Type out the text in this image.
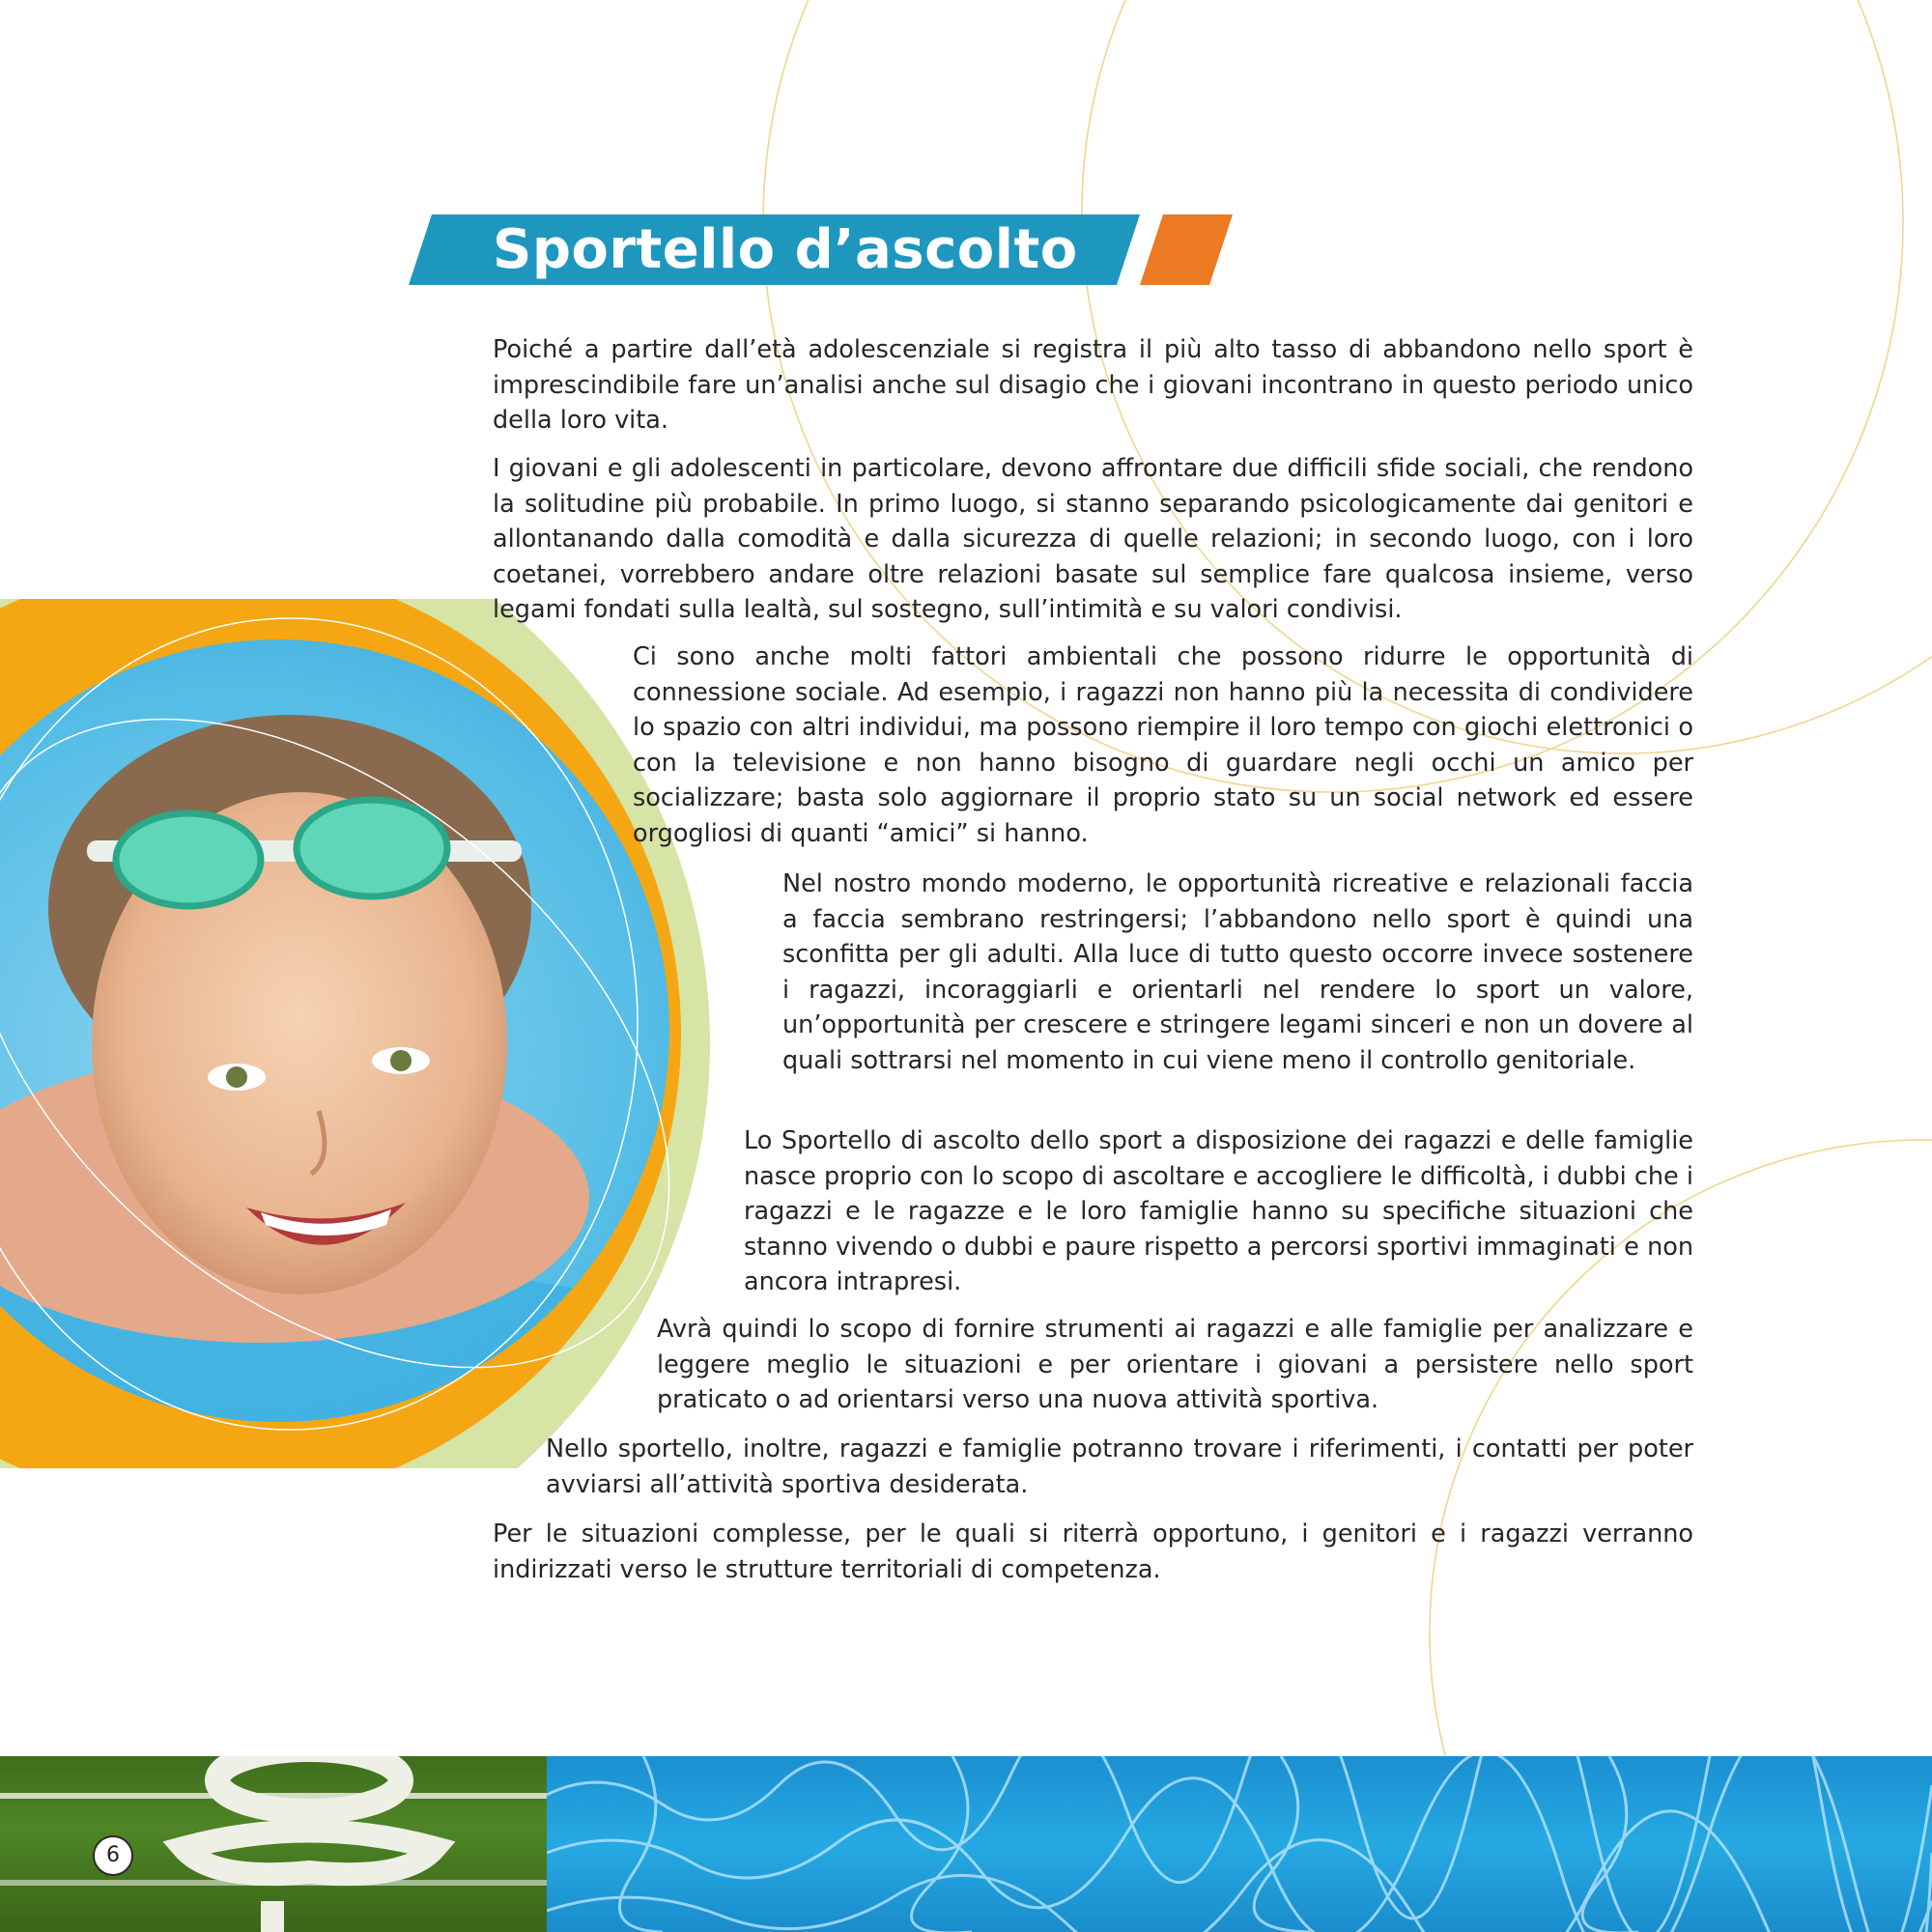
Sportello d’ascolto

Poiché a partire dall’età adolescenziale si registra il più alto tasso di abbandono nello sport è imprescindibile fare un’analisi anche sul disagio che i giovani incontrano in questo periodo unico della loro vita.

I giovani e gli adolescenti in particolare, devono affrontare due difficili sfide sociali, che rendono la solitudine più probabile. In primo luogo, si stanno separando psicologicamente dai genitori e allontanando dalla comodità e dalla sicurezza di quelle relazioni; in secondo luogo, con i loro coetanei, vorrebbero andare oltre relazioni basate sul semplice fare qualcosa insieme, verso legami fondati sulla lealtà, sul sostegno, sull’intimità e su valori condivisi.

Ci sono anche molti fattori ambientali che possono ridurre le opportunità di connessione sociale. Ad esempio, i ragazzi non hanno più la necessita di condividere lo spazio con altri individui, ma possono riempire il loro tempo con giochi elettronici o con la televisione e non hanno bisogno di guardare negli occhi un amico per socializzare; basta solo aggiornare il proprio stato su un social network ed essere orgogliosi di quanti “amici” si hanno.

Nel nostro mondo moderno, le opportunità ricreative e relazionali faccia a faccia sembrano restringersi; l’abbandono nello sport è quindi una sconfitta per gli adulti. Alla luce di tutto questo occorre invece sostenere i ragazzi, incoraggiarli e orientarli nel rendere lo sport un valore, un’opportunità per crescere e stringere legami sinceri e non un dovere al quali sottrarsi nel momento in cui viene meno il controllo genitoriale.

Lo Sportello di ascolto dello sport a disposizione dei ragazzi e delle famiglie nasce proprio con lo scopo di ascoltare e accogliere le difficoltà, i dubbi che i ragazzi e le ragazze e le loro famiglie hanno su specifiche situazioni che stanno vivendo o dubbi e paure rispetto a percorsi sportivi immaginati e non ancora intrapresi.

Avrà quindi lo scopo di fornire strumenti ai ragazzi e alle famiglie per analizzare e leggere meglio le situazioni e per orientare i giovani a persistere nello sport praticato o ad orientarsi verso una nuova attività sportiva.

Nello sportello, inoltre, ragazzi e famiglie potranno trovare i riferimenti, i contatti per poter avviarsi all’attività sportiva desiderata.

Per le situazioni complesse, per le quali si riterrà opportuno, i genitori e i ragazzi verranno indirizzati verso le strutture territoriali di competenza.

6
